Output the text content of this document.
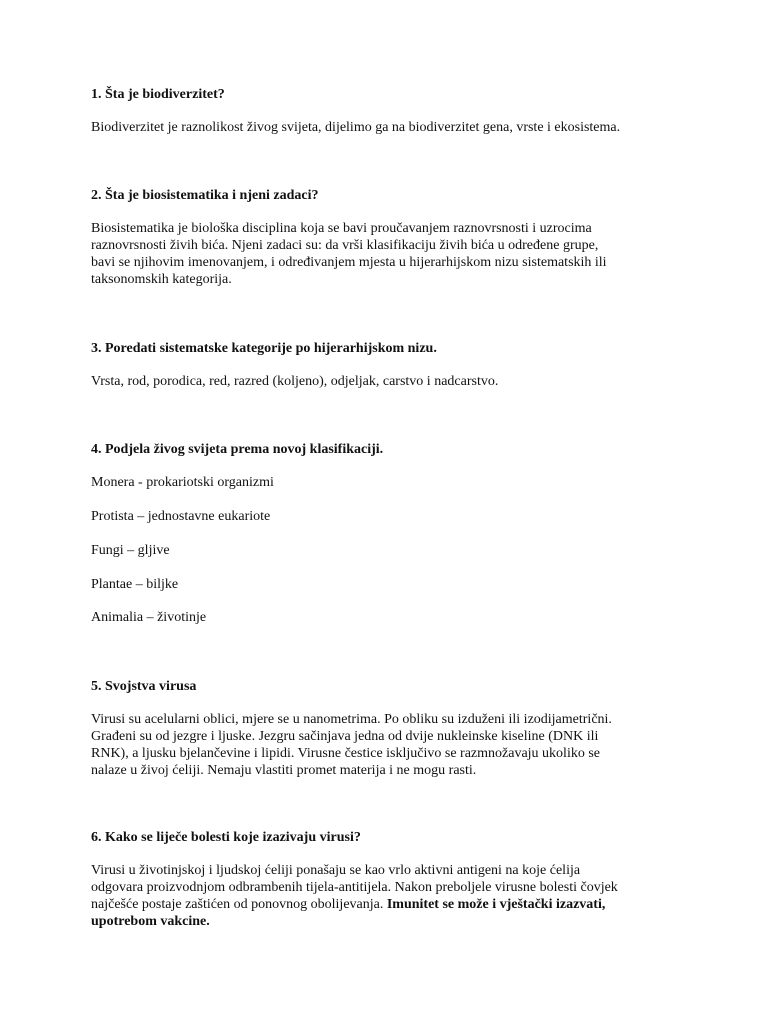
1. Šta je biodiverzitet?
Biodiverzitet je raznolikost živog svijeta, dijelimo ga na biodiverzitet gena, vrste i ekosistema.
2. Šta je biosistematika i njeni zadaci?
Biosistematika je biološka disciplina koja se bavi proučavanjem raznovrsnosti i uzrocima
raznovrsnosti živih bića. Njeni zadaci su: da vrši klasifikaciju živih bića u određene grupe,
bavi se njihovim imenovanjem, i određivanjem mjesta u hijerarhijskom nizu sistematskih ili
taksonomskih kategorija.
3. Poredati sistematske kategorije po hijerarhijskom nizu.
Vrsta, rod, porodica, red, razred (koljeno), odjeljak, carstvo i nadcarstvo.
4. Podjela živog svijeta prema novoj klasifikaciji.
Monera - prokariotski organizmi
Protista – jednostavne eukariote
Fungi – gljive
Plantae – biljke
Animalia – životinje
5. Svojstva virusa
Virusi su acelularni oblici, mjere se u nanometrima. Po obliku su izduženi ili izodijametrični.
Građeni su od jezgre i ljuske. Jezgru sačinjava jedna od dvije nukleinske kiseline (DNK ili
RNK), a ljusku bjelančevine i lipidi. Virusne čestice isključivo se razmnožavaju ukoliko se
nalaze u živoj ćeliji. Nemaju vlastiti promet materija i ne mogu rasti.
6. Kako se liječe bolesti koje izazivaju virusi?
Virusi u životinjskoj i ljudskoj ćeliji ponašaju se kao vrlo aktivni antigeni na koje ćelija
odgovara proizvodnjom odbrambenih tijela-antitijela. Nakon preboljele virusne bolesti čovjek
najčešće postaje zaštićen od ponovnog obolijevanja. Imunitet se može i vještački izazvati,
upotrebom vakcine.
